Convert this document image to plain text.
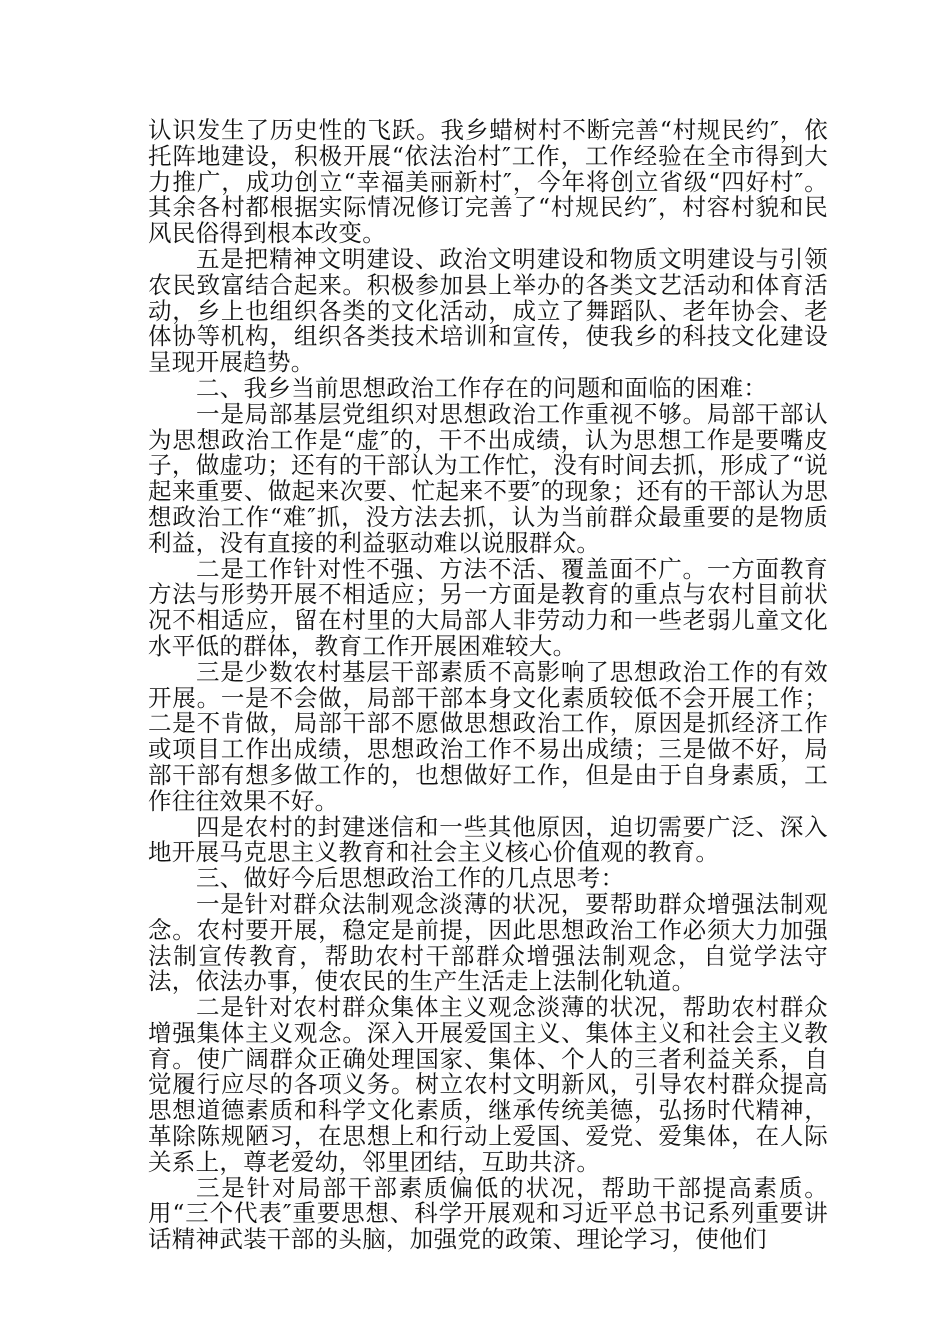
认识发生了历史性的飞跃。我乡蜡树村不断完善“村规民约″，依托阵地建设，积极开展“依法治村″工作，工作经验在全市得到大力推广，成功创立“幸福美丽新村″，今年将创立省级“四好村″。其余各村都根据实际情况修订完善了“村规民约″，村容村貌和民风民俗得到根本改变。

五是把精神文明建设、政治文明建设和物质文明建设与引领农民致富结合起来。积极参加县上举办的各类文艺活动和体育活动，乡上也组织各类的文化活动，成立了舞蹈队、老年协会、老体协等机构，组织各类技术培训和宣传，使我乡的科技文化建设呈现开展趋势。

二、我乡当前思想政治工作存在的问题和面临的困难：

一是局部基层党组织对思想政治工作重视不够。局部干部认为思想政治工作是“虚″的，干不出成绩，认为思想工作是要嘴皮子，做虚功；还有的干部认为工作忙，没有时间去抓，形成了“说起来重要、做起来次要、忙起来不要″的现象；还有的干部认为思想政治工作“难″抓，没方法去抓，认为当前群众最重要的是物质利益，没有直接的利益驱动难以说服群众。

二是工作针对性不强、方法不活、覆盖面不广。一方面教育方法与形势开展不相适应；另一方面是教育的重点与农村目前状况不相适应，留在村里的大局部人非劳动力和一些老弱儿童文化水平低的群体，教育工作开展困难较大。

三是少数农村基层干部素质不高影响了思想政治工作的有效开展。一是不会做，局部干部本身文化素质较低不会开展工作；二是不肯做，局部干部不愿做思想政治工作，原因是抓经济工作或项目工作出成绩，思想政治工作不易出成绩；三是做不好，局部干部有想多做工作的，也想做好工作，但是由于自身素质，工作往往效果不好。

四是农村的封建迷信和一些其他原因，迫切需要广泛、深入地开展马克思主义教育和社会主义核心价值观的教育。

三、做好今后思想政治工作的几点思考：

一是针对群众法制观念淡薄的状况，要帮助群众增强法制观念。农村要开展，稳定是前提，因此思想政治工作必须大力加强法制宣传教育，帮助农村干部群众增强法制观念，自觉学法守法，依法办事，使农民的生产生活走上法制化轨道。

二是针对农村群众集体主义观念淡薄的状况，帮助农村群众增强集体主义观念。深入开展爱国主义、集体主义和社会主义教育。使广阔群众正确处理国家、集体、个人的三者利益关系，自觉履行应尽的各项义务。树立农村文明新风，引导农村群众提高思想道德素质和科学文化素质，继承传统美德，弘扬时代精神，革除陈规陋习，在思想上和行动上爱国、爱党、爱集体，在人际关系上，尊老爱幼，邻里团结，互助共济。

三是针对局部干部素质偏低的状况，帮助干部提高素质。用“三个代表″重要思想、科学开展观和习近平总书记系列重要讲话精神武装干部的头脑，加强党的政策、理论学习，使他们
